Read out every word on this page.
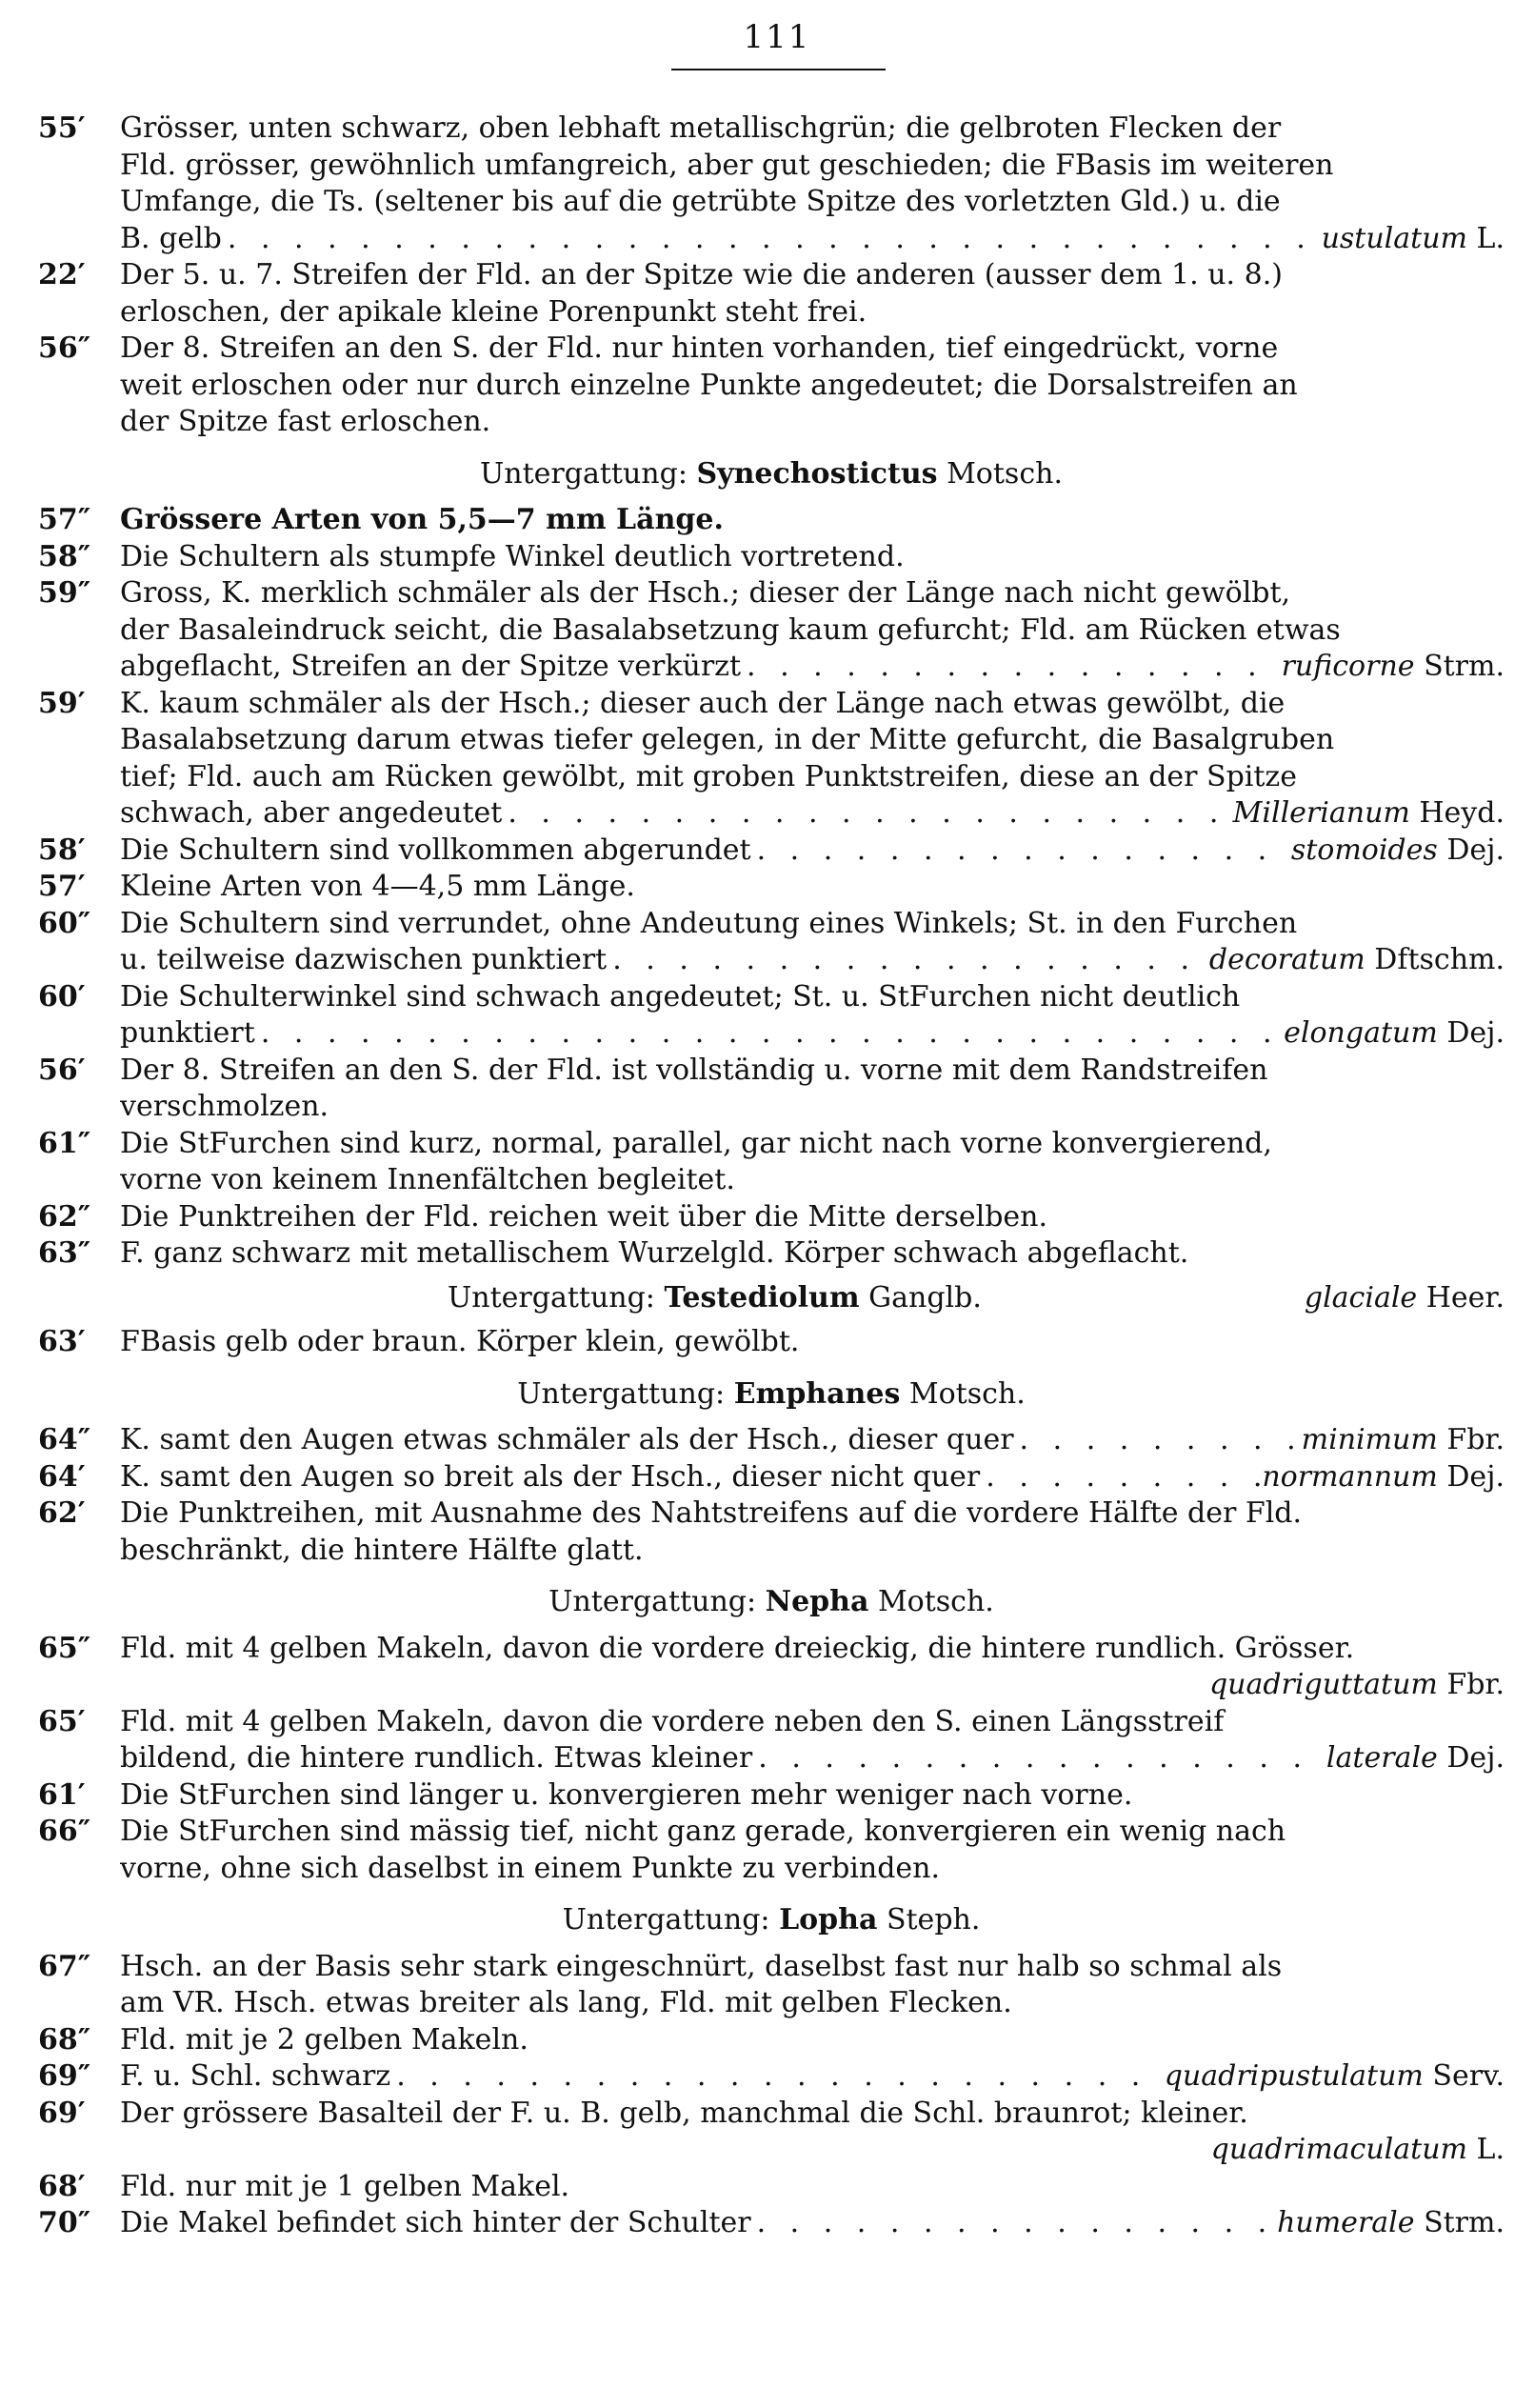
111
55′	Grösser, unten schwarz, oben lebhaft metallischgrün; die gelbroten Flecken der
Fld. grösser, gewöhnlich umfangreich, aber gut geschieden; die FBasis im weiteren
Umfange, die Ts. (seltener bis auf die getrübte Spitze des vorletzten Gld.) u. die
B. gelb . . .	ustulatum L.
22′	Der 5. u. 7. Streifen der Fld. an der Spitze wie die anderen (ausser dem 1. u. 8.)
erloschen, der apikale kleine Porenpunkt steht frei.
56″	Der 8. Streifen an den S. der Fld. nur hinten vorhanden, tief eingedrückt, vorne
weit erloschen oder nur durch einzelne Punkte angedeutet; die Dorsalstreifen an
der Spitze fast erloschen.
Untergattung: Synechostictus Motsch.
57″	Grössere Arten von 5,5—7 mm Länge.
58″	Die Schultern als stumpfe Winkel deutlich vortretend.
59″	Gross, K. merklich schmäler als der Hsch.; dieser der Länge nach nicht gewölbt,
der Basaleindruck seicht, die Basalabsetzung kaum gefurcht; Fld. am Rücken etwas
abgeflacht, Streifen an der Spitze verkürzt . . .	ruficorne Strm.
59′	K. kaum schmäler als der Hsch.; dieser auch der Länge nach etwas gewölbt, die
Basalabsetzung darum etwas tiefer gelegen, in der Mitte gefurcht, die Basalgruben
tief; Fld. auch am Rücken gewölbt, mit groben Punktstreifen, diese an der Spitze
schwach, aber angedeutet . . .	Millerianum Heyd.
58′	Die Schultern sind vollkommen abgerundet . . .	stomoides Dej.
57′	Kleine Arten von 4—4,5 mm Länge.
60″	Die Schultern sind verrundet, ohne Andeutung eines Winkels; St. in den Furchen
u. teilweise dazwischen punktiert . . .	decoratum Dftschm.
60′	Die Schulterwinkel sind schwach angedeutet; St. u. StFurchen nicht deutlich
punktiert . . .	elongatum Dej.
56′	Der 8. Streifen an den S. der Fld. ist vollständig u. vorne mit dem Randstreifen
verschmolzen.
61″	Die StFurchen sind kurz, normal, parallel, gar nicht nach vorne konvergierend,
vorne von keinem Innenfältchen begleitet.
62″	Die Punktreihen der Fld. reichen weit über die Mitte derselben.
63″	F. ganz schwarz mit metallischem Wurzelgld. Körper schwach abgeflacht.
Untergattung: Testediolum Ganglb.	glaciale Heer.
63′	FBasis gelb oder braun. Körper klein, gewölbt.
Untergattung: Emphanes Motsch.
64″	K. samt den Augen etwas schmäler als der Hsch., dieser quer . . .	minimum Fbr.
64′	K. samt den Augen so breit als der Hsch., dieser nicht quer . . .	normannum Dej.
62′	Die Punktreihen, mit Ausnahme des Nahtstreifens auf die vordere Hälfte der Fld.
beschränkt, die hintere Hälfte glatt.
Untergattung: Nepha Motsch.
65″	Fld. mit 4 gelben Makeln, davon die vordere dreieckig, die hintere rundlich. Grösser.
quadriguttatum Fbr.
65′	Fld. mit 4 gelben Makeln, davon die vordere neben den S. einen Längsstreif
bildend, die hintere rundlich. Etwas kleiner . . .	laterale Dej.
61′	Die StFurchen sind länger u. konvergieren mehr weniger nach vorne.
66″	Die StFurchen sind mässig tief, nicht ganz gerade, konvergieren ein wenig nach
vorne, ohne sich daselbst in einem Punkte zu verbinden.
Untergattung: Lopha Steph.
67″	Hsch. an der Basis sehr stark eingeschnürt, daselbst fast nur halb so schmal als
am VR. Hsch. etwas breiter als lang, Fld. mit gelben Flecken.
68″	Fld. mit je 2 gelben Makeln.
69″	F. u. Schl. schwarz . . .	quadripustulatum Serv.
69′	Der grössere Basalteil der F. u. B. gelb, manchmal die Schl. braunrot; kleiner.
quadrimaculatum L.
68′	Fld. nur mit je 1 gelben Makel.
70″	Die Makel befindet sich hinter der Schulter . . .	humerale Strm.
